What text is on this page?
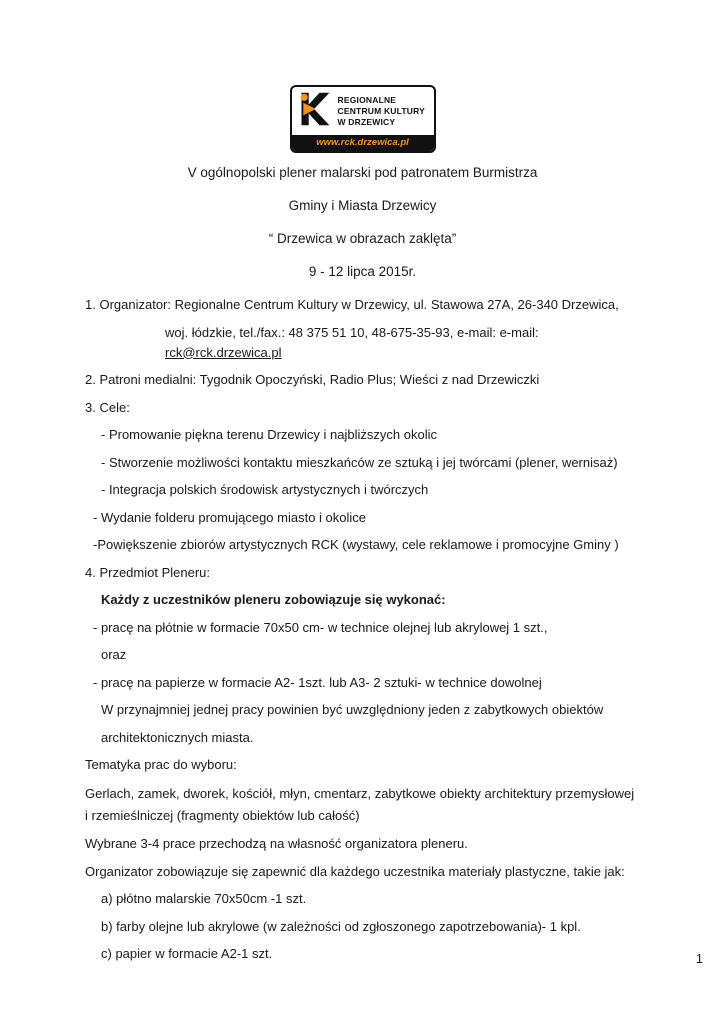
REGIONALNE
CENTRUM KULTURY
W DRZEWICY
www.rck.drzewica.pl

V ogólnopolski plener malarski pod patronatem Burmistrza

Gminy i Miasta Drzewicy

“ Drzewica w obrazach zaklęta”

9 - 12 lipca 2015r.

1. Organizator: Regionalne Centrum Kultury w Drzewicy, ul. Stawowa 27A, 26-340 Drzewica,

woj. łódzkie, tel./fax.: 48 375 51 10, 48-675-35-93, e-mail: e-mail: rck@rck.drzewica.pl

2. Patroni medialni: Tygodnik Opoczyński, Radio Plus; Wieści z nad Drzewiczki

3. Cele:

- Promowanie piękna terenu Drzewicy i najbliższych okolic

- Stworzenie możliwości kontaktu mieszkańców ze sztuką i jej twórcami (plener, wernisaż)

- Integracja polskich środowisk artystycznych i twórczych

- Wydanie folderu promującego miasto i okolice

-Powiększenie zbiorów artystycznych RCK (wystawy, cele reklamowe i promocyjne Gminy )

4. Przedmiot Pleneru:

Każdy z uczestników pleneru zobowiązuje się wykonać:

- pracę na płótnie w formacie 70x50 cm- w technice olejnej lub akrylowej 1 szt.,

oraz

- pracę na papierze w formacie A2- 1szt. lub A3- 2 sztuki- w technice dowolnej

W przynajmniej jednej pracy powinien być uwzględniony jeden z zabytkowych obiektów

architektonicznych miasta.

Tematyka prac do wyboru:

Gerlach, zamek, dworek, kościół, młyn, cmentarz, zabytkowe obiekty architektury przemysłowej i rzemieślniczej (fragmenty obiektów lub całość)

Wybrane 3-4 prace przechodzą na własność organizatora pleneru.

Organizator zobowiązuje się zapewnić dla każdego uczestnika materiały plastyczne, takie jak:

a) płótno malarskie 70x50cm -1 szt.

b) farby olejne lub akrylowe (w zależności od zgłoszonego zapotrzebowania)- 1 kpl.

c) papier w formacie A2-1 szt.	1
